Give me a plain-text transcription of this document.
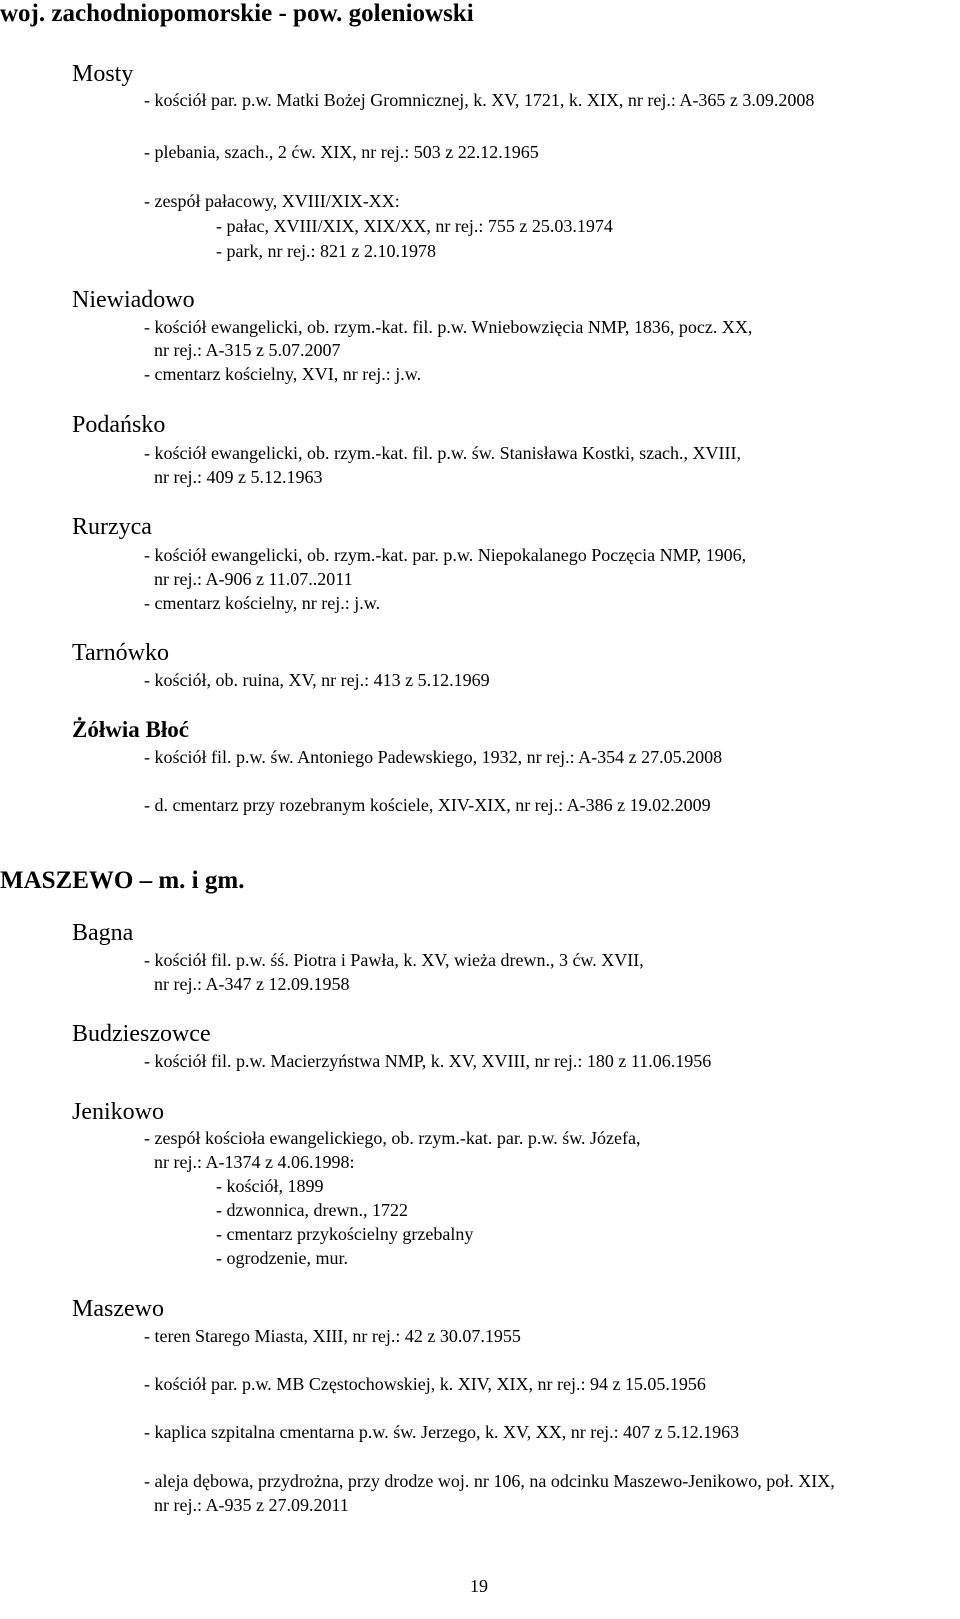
woj. zachodniopomorskie - pow. goleniowski
Mosty
- kościół par. p.w. Matki Bożej Gromnicznej, k. XV, 1721, k. XIX, nr rej.: A-365 z 3.09.2008
- plebania, szach., 2 ćw. XIX, nr rej.: 503 z 22.12.1965
- zespół pałacowy, XVIII/XIX-XX:
- pałac, XVIII/XIX, XIX/XX, nr rej.: 755 z 25.03.1974
- park, nr rej.: 821 z 2.10.1978
Niewiadowo
- kościół ewangelicki, ob. rzym.-kat. fil. p.w. Wniebowzięcia NMP, 1836, pocz. XX,
nr rej.: A-315 z 5.07.2007
- cmentarz kościelny, XVI, nr rej.: j.w.
Podańsko
- kościół ewangelicki, ob. rzym.-kat. fil. p.w. św. Stanisława Kostki, szach., XVIII,
nr rej.: 409 z 5.12.1963
Rurzyca
- kościół ewangelicki, ob. rzym.-kat. par. p.w. Niepokalanego Poczęcia NMP, 1906,
nr rej.: A-906 z 11.07..2011
- cmentarz kościelny, nr rej.: j.w.
Tarnówko
- kościół, ob. ruina, XV, nr rej.: 413 z 5.12.1969
Żółwia Błoć
- kościół fil. p.w. św. Antoniego Padewskiego, 1932, nr rej.: A-354 z 27.05.2008
- d. cmentarz przy rozebranym kościele, XIV-XIX, nr rej.: A-386 z 19.02.2009
MASZEWO – m. i gm.
Bagna
- kościół fil. p.w. śś. Piotra i Pawła, k. XV, wieża drewn., 3 ćw. XVII,
nr rej.: A-347 z 12.09.1958
Budzieszowce
- kościół fil. p.w. Macierzyństwa NMP, k. XV, XVIII, nr rej.: 180 z 11.06.1956
Jenikowo
- zespół kościoła ewangelickiego, ob. rzym.-kat. par. p.w. św. Józefa,
nr rej.: A-1374 z 4.06.1998:
- kościół, 1899
- dzwonnica, drewn., 1722
- cmentarz przykościelny grzebalny
- ogrodzenie, mur.
Maszewo
- teren Starego Miasta, XIII, nr rej.: 42 z 30.07.1955
- kościół par. p.w. MB Częstochowskiej, k. XIV, XIX, nr rej.: 94 z 15.05.1956
- kaplica szpitalna cmentarna p.w. św. Jerzego, k. XV, XX, nr rej.: 407 z 5.12.1963
- aleja dębowa, przydrożna, przy drodze woj. nr 106, na odcinku Maszewo-Jenikowo, poł. XIX,
nr rej.: A-935 z 27.09.2011
19
